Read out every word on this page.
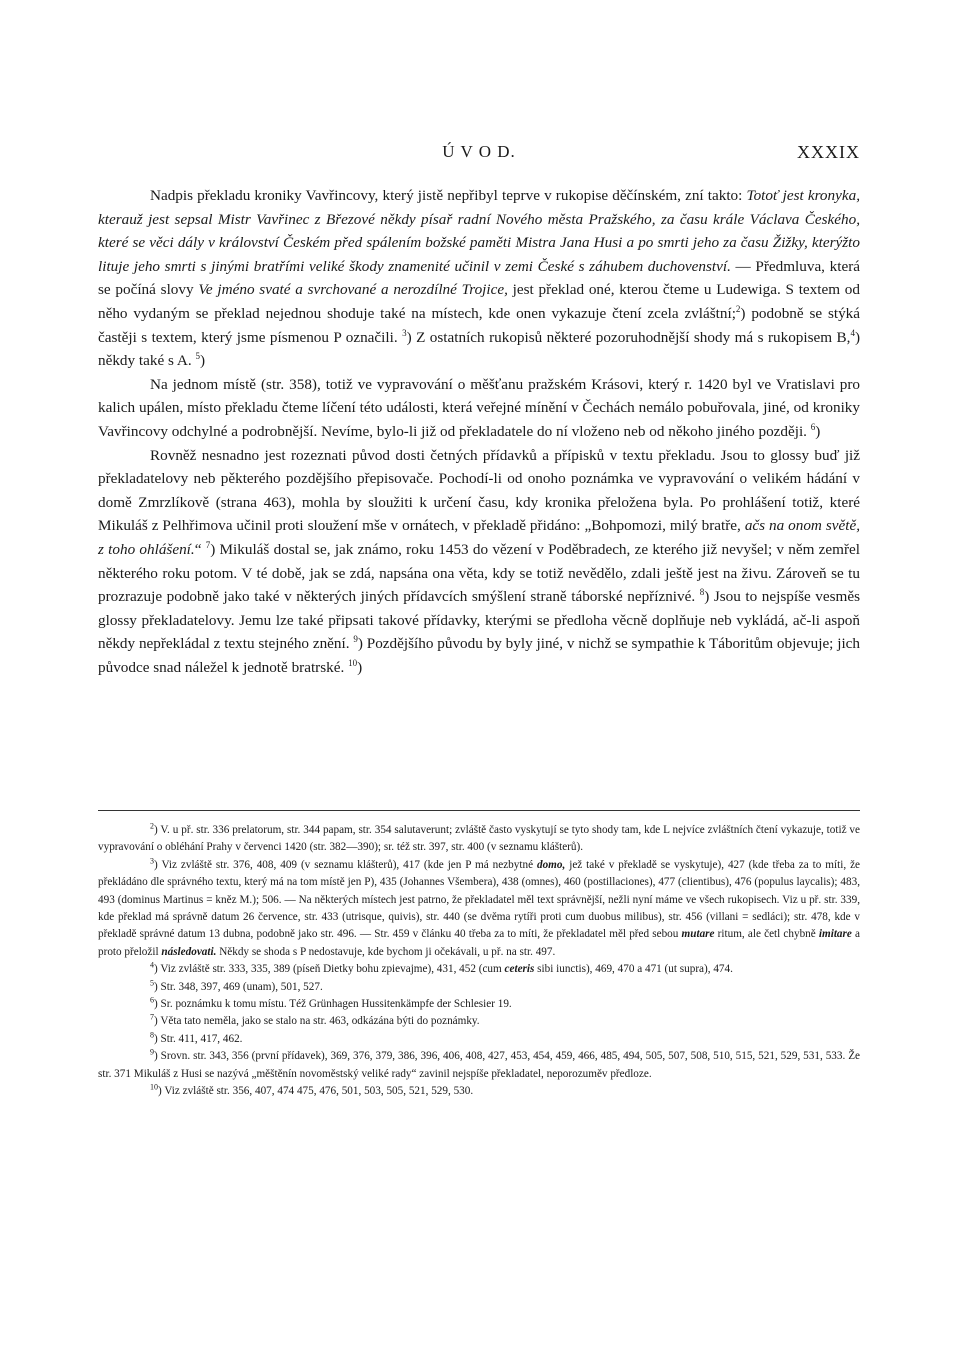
Ú V O D.	XXXIX

Nadpis překladu kroniky Vavřincovy, který jistě nepřibyl teprve v rukopise děčínském, zní takto: Totoť jest kronyka, kterauž jest sepsal Mistr Vavřinec z Březové někdy písař radní Nového města Pražského, za času krále Václava Českého, které se věci dály v království Českém před spálením božské paměti Mistra Jana Husi a po smrti jeho za času Žižky, kterýžto lituje jeho smrti s jinými bratřími veliké škody znamenité učinil v zemi České s záhubem duchovenství. — Předmluva, která se počíná slovy Ve jméno svaté a svrchované a nerozdílné Trojice, jest překlad oné, kterou čteme u Ludewiga. S textem od něho vydaným se překlad nejednou shoduje také na místech, kde onen vykazuje čtení zcela zvláštní;$^2$) podobně se stýká častěji s textem, který jsme písmenou P označili. $^3$) Z ostatních rukopisů některé pozoruhodnější shody má s rukopisem B,$^4$) někdy také s A. $^5$)

Na jednom místě (str. 358), totiž ve vypravování o měšťanu pražském Krásovi, který r. 1420 byl ve Vratislavi pro kalich upálen, místo překladu čteme líčení této události, která veřejné mínění v Čechách nemálo pobuřovala, jiné, od kroniky Vavřincovy odchylné a podrobnější. Nevíme, bylo-li již od překladatele do ní vloženo neb od někoho jiného později. $^6$)

Rovněž nesnadno jest rozeznati původ dosti četných přídavků a přípisků v textu překladu. Jsou to glossy buď již překladatelovy neb pěkterého pozdějšího přepisovače. Pochodí-li od onoho poznámka ve vypravování o velikém hádání v domě Zmrzlíkově (strana 463), mohla by sloužiti k určení času, kdy kronika přeložena byla. Po prohlášení totiž, které Mikuláš z Pelhřimova učinil proti sloužení mše v ornátech, v překladě přidáno: „Bohpomozi, milý bratře, ačs na onom světě, z toho ohlášení.“ $^7$) Mikuláš dostal se, jak známo, roku 1453 do vězení v Poděbradech, ze kterého již nevyšel; v něm zemřel některého roku potom. V té době, jak se zdá, napsána ona věta, kdy se totiž nevědělo, zdali ještě jest na živu. Zároveň se tu prozrazuje podobně jako také v některých jiných přídavcích smýšlení straně táborské nepříznivé. $^8$) Jsou to nejspíše vesměs glossy překladatelovy. Jemu lze také připsati takové přídavky, kterými se předloha věcně doplňuje neb vykládá, ač-li aspoň někdy nepřekládal z textu stejného znění. $^9$) Pozdějšího původu by byly jiné, v nichž se sympathie k Táboritům objevuje; jich původce snad náležel k jednotě bratrské. $^{10}$)

$^2$) V. u př. str. 336 prelatorum, str. 344 papam, str. 354 salutaverunt; zvláště často vyskytují se tyto shody tam, kde L nejvíce zvláštních čtení vykazuje, totiž ve vypravování o obléhání Prahy v červenci 1420 (str. 382—390); sr. též str. 397, str. 400 (v seznamu klášterů).

$^3$) Viz zvláště str. 376, 408, 409 (v seznamu klášterů), 417 (kde jen P má nezbytné domo, jež také v překladě se vyskytuje), 427 (kde třeba za to míti, že překládáno dle správného textu, který má na tom místě jen P), 435 (Johannes Všembera), 438 (omnes), 460 (postillaciones), 477 (clientibus), 476 (populus laycalis); 483, 493 (dominus Martinus = kněz M.); 506. — Na některých místech jest patrno, že překladatel měl text správnější, nežli nyní máme ve všech rukopisech. Viz u př. str. 339, kde překlad má správně datum 26 července, str. 433 (utrisque, quivis), str. 440 (se dvěma rytíři proti cum duobus milibus), str. 456 (villani = sedláci); str. 478, kde v překladě správné datum 13 dubna, podobně jako str. 496. — Str. 459 v článku 40 třeba za to míti, že překladatel měl před sebou mutare ritum, ale četl chybně imitare a proto přeložil následovati. Někdy se shoda s P nedostavuje, kde bychom ji očekávali, u př. na str. 497.

$^4$) Viz zvláště str. 333, 335, 389 (píseň Dietky bohu zpievajme), 431, 452 (cum ceteris sibi iunctis), 469, 470 a 471 (ut supra), 474.

$^5$) Str. 348, 397, 469 (unam), 501, 527.

$^6$) Sr. poznámku k tomu místu. Též Grünhagen Hussitenkämpfe der Schlesier 19.

$^7$) Věta tato neměla, jako se stalo na str. 463, odkázána býti do poznámky.

$^8$) Str. 411, 417, 462.

$^9$) Srovn. str. 343, 356 (první přídavek), 369, 376, 379, 386, 396, 406, 408, 427, 453, 454, 459, 466, 485, 494, 505, 507, 508, 510, 515, 521, 529, 531, 533. Že str. 371 Mikuláš z Husi se nazývá „měštěnín novoměstský veliké rady“ zavinil nejspíše překladatel, neporozuměv předloze.

$^{10}$) Viz zvláště str. 356, 407, 474 475, 476, 501, 503, 505, 521, 529, 530.
